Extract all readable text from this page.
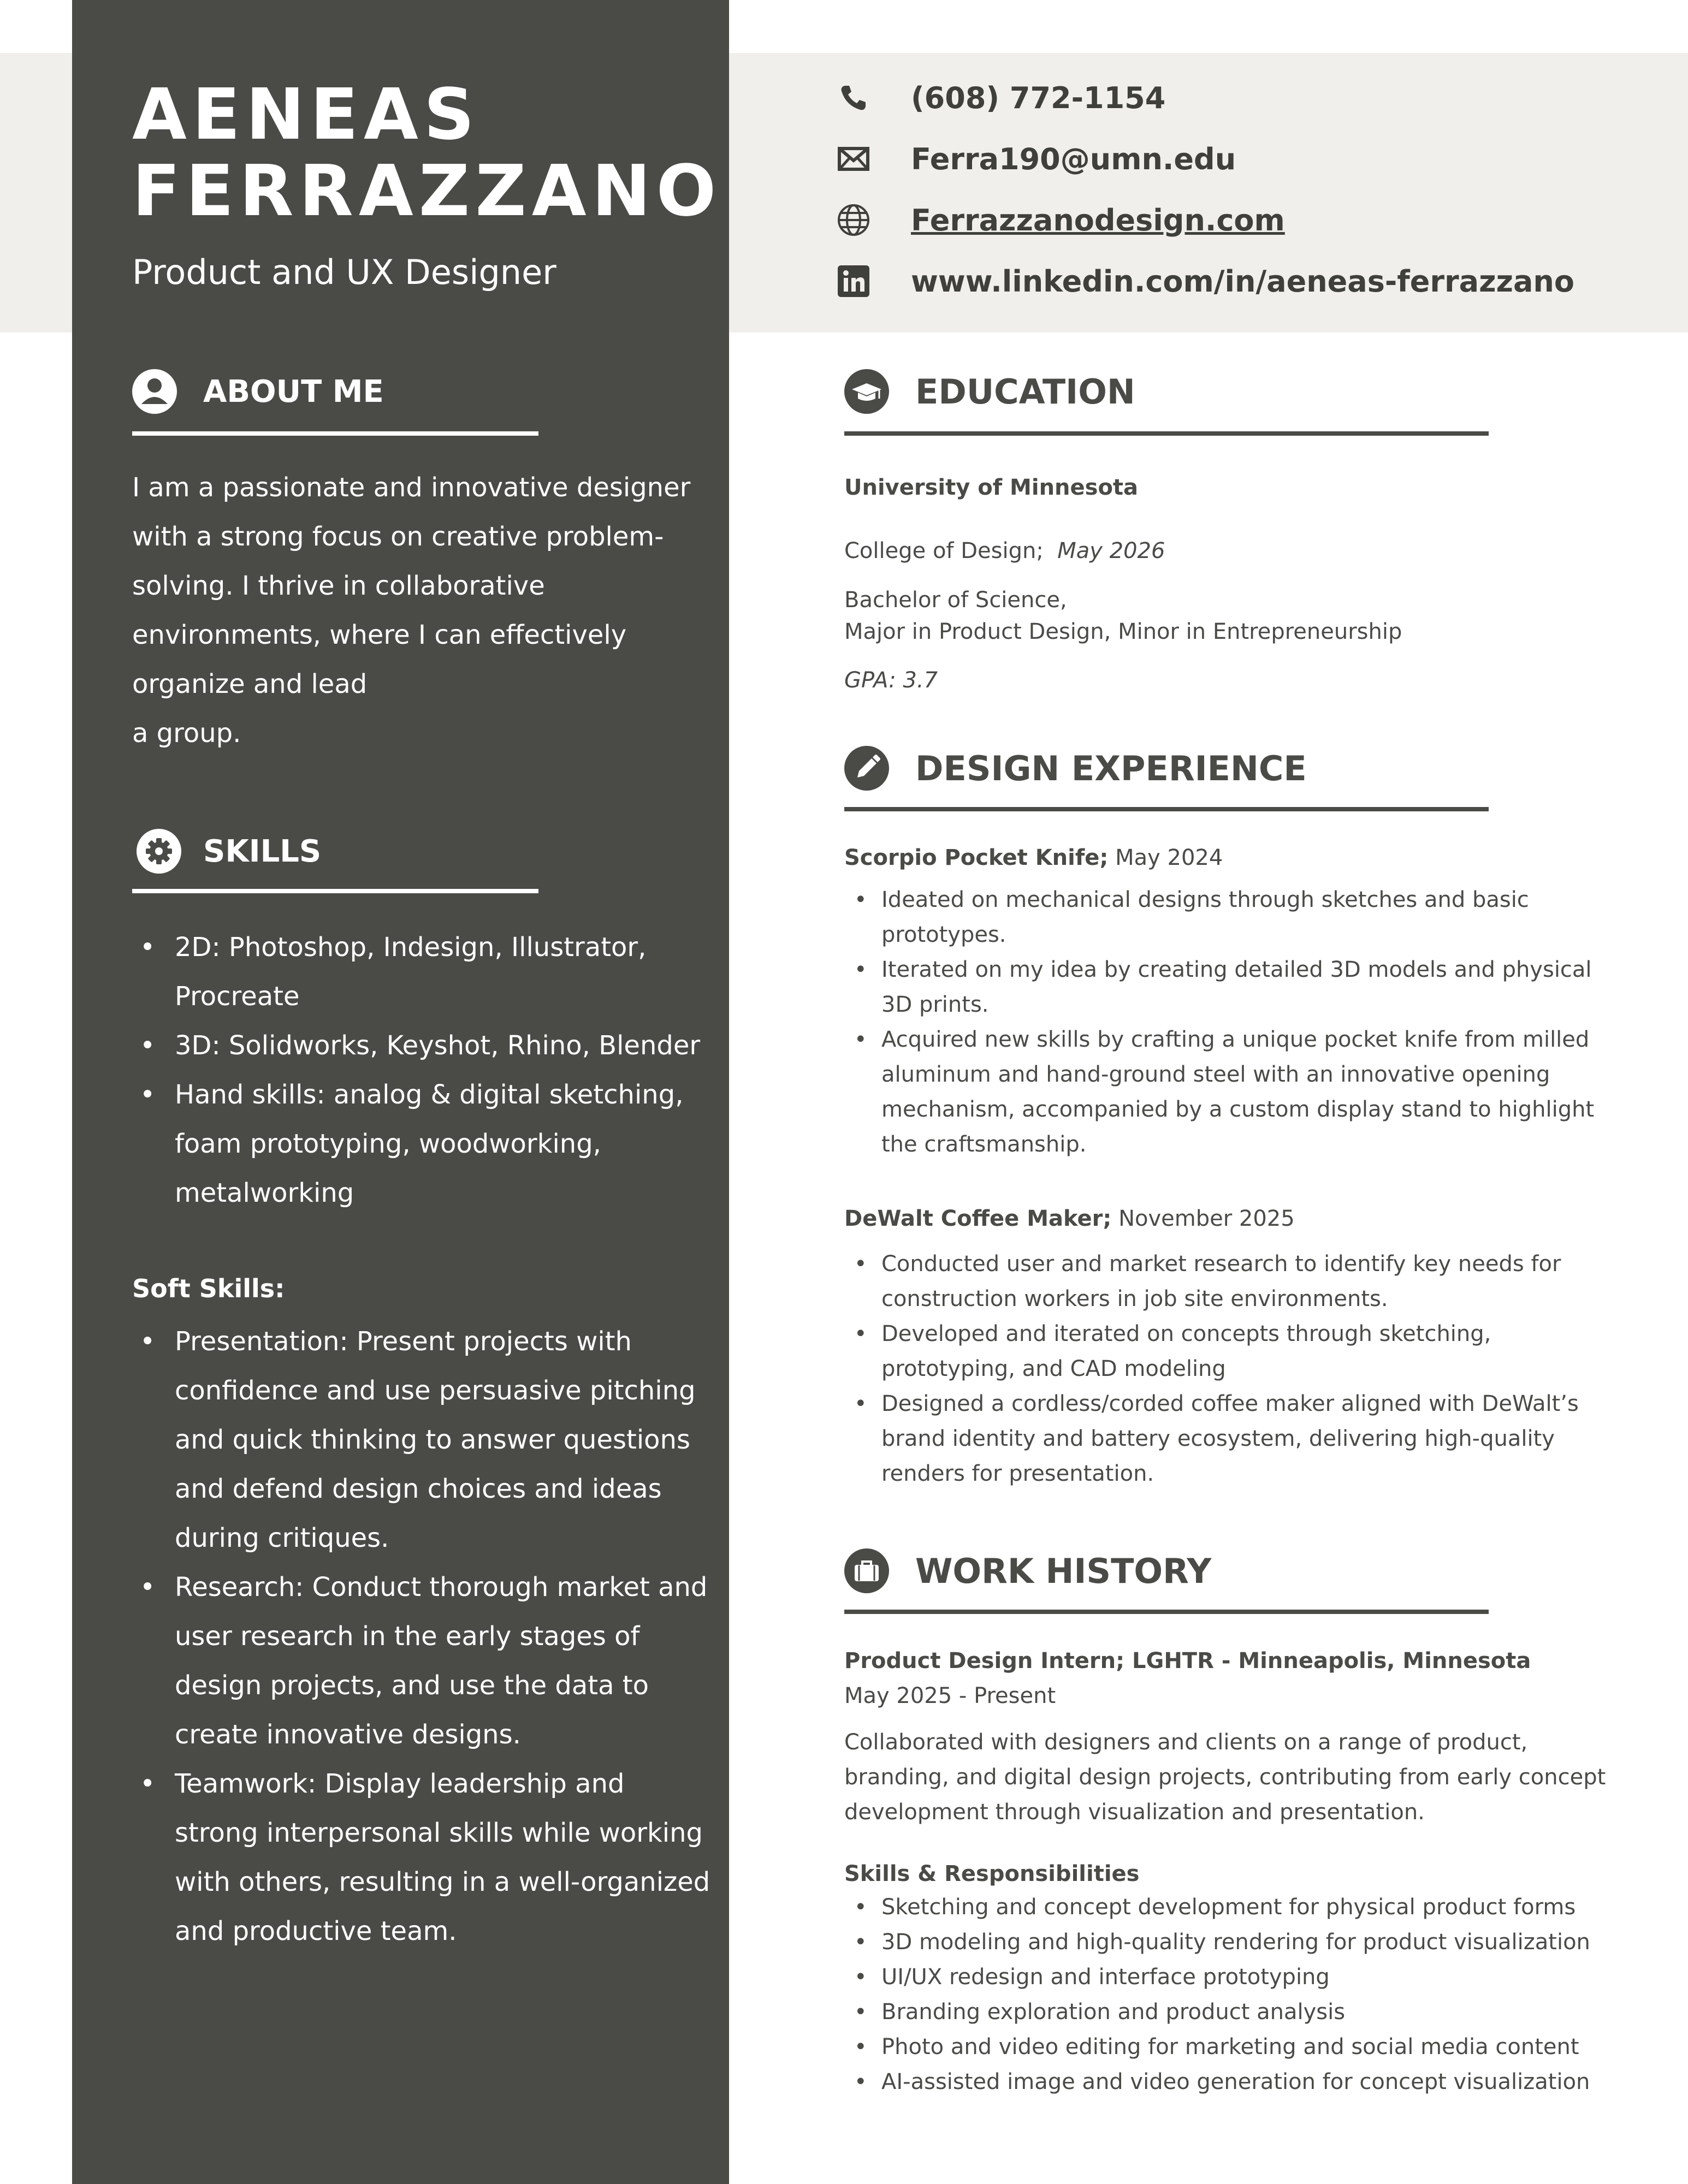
AENEAS
FERRAZZANO
Product and UX Designer
ABOUT ME
I am a passionate and innovative designer
with a strong focus on creative problem-
solving. I thrive in collaborative
environments, where I can effectively
organize and lead
a group.
SKILLS
• 2D: Photoshop, Indesign, Illustrator, Procreate
• 3D: Solidworks, Keyshot, Rhino, Blender
• Hand skills: analog & digital sketching, foam prototyping, woodworking, metalworking
Soft Skills:
• Presentation: Present projects with confidence and use persuasive pitching and quick thinking to answer questions and defend design choices and ideas during critiques.
• Research: Conduct thorough market and user research in the early stages of design projects, and use the data to create innovative designs.
• Teamwork: Display leadership and strong interpersonal skills while working with others, resulting in a well-organized and productive team.
(608) 772-1154
Ferra190@umn.edu
Ferrazzanodesign.com
www.linkedin.com/in/aeneas-ferrazzano
EDUCATION
University of Minnesota
College of Design; May 2026
Bachelor of Science,
Major in Product Design, Minor in Entrepreneurship
GPA: 3.7
DESIGN EXPERIENCE
Scorpio Pocket Knife; May 2024
• Ideated on mechanical designs through sketches and basic prototypes.
• Iterated on my idea by creating detailed 3D models and physical 3D prints.
• Acquired new skills by crafting a unique pocket knife from milled aluminum and hand-ground steel with an innovative opening mechanism, accompanied by a custom display stand to highlight the craftsmanship.
DeWalt Coffee Maker; November 2025
• Conducted user and market research to identify key needs for construction workers in job site environments.
• Developed and iterated on concepts through sketching, prototyping, and CAD modeling
• Designed a cordless/corded coffee maker aligned with DeWalt’s brand identity and battery ecosystem, delivering high-quality renders for presentation.
WORK HISTORY
Product Design Intern; LGHTR - Minneapolis, Minnesota
May 2025 - Present
Collaborated with designers and clients on a range of product, branding, and digital design projects, contributing from early concept development through visualization and presentation.
Skills & Responsibilities
• Sketching and concept development for physical product forms
• 3D modeling and high-quality rendering for product visualization
• UI/UX redesign and interface prototyping
• Branding exploration and product analysis
• Photo and video editing for marketing and social media content
• AI-assisted image and video generation for concept visualization
